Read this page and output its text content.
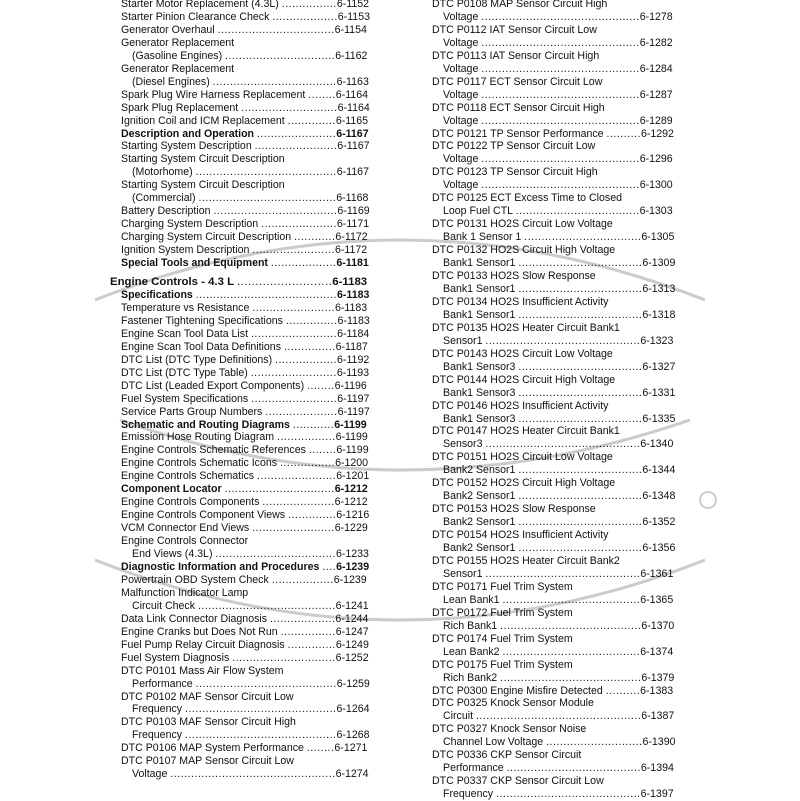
Starter Motor Replacement (4.3L) ................6-1152
Starter Pinion Clearance Check ...................6-1153
Generator Overhaul ..................................6-1154
Generator Replacement
(Gasoline Engines) ................................6-1162
Generator Replacement
(Diesel Engines) ....................................6-1163
Spark Plug Wire Harness Replacement ........6-1164
Spark Plug Replacement ............................6-1164
Ignition Coil and ICM Replacement ..............6-1165
Description and Operation .......................6-1167
Starting System Description ........................6-1167
Starting System Circuit Description
(Motorhome) .........................................6-1167
Starting System Circuit Description
(Commercial) ........................................6-1168
Battery Description ....................................6-1169
Charging System Description ......................6-1171
Charging System Circuit Description ............6-1172
Ignition System Description ........................6-1172
Special Tools and Equipment ...................6-1181
Engine Controls - 4.3 L ..........................6-1183
Specifications .........................................6-1183
Temperature vs Resistance ........................6-1183
Fastener Tightening Specifications ...............6-1183
Engine Scan Tool Data List .........................6-1184
Engine Scan Tool Data Definitions ...............6-1187
DTC List (DTC Type Definitions) ..................6-1192
DTC List (DTC Type Table) .........................6-1193
DTC List (Leaded Export Components) ........6-1196
Fuel System Specifications .........................6-1197
Service Parts Group Numbers .....................6-1197
Schematic and Routing Diagrams ............6-1199
Emission Hose Routing Diagram .................6-1199
Engine Controls Schematic References ........6-1199
Engine Controls Schematic Icons ................6-1200
Engine Controls Schematics .......................6-1201
Component Locator ................................6-1212
Engine Controls Components .....................6-1212
Engine Controls Component Views ..............6-1216
VCM Connector End Views ........................6-1229
Engine Controls Connector
End Views (4.3L) ...................................6-1233
Diagnostic Information and Procedures ....6-1239
Powertrain OBD System Check ..................6-1239
Malfunction Indicator Lamp
Circuit Check ........................................6-1241
Data Link Connector Diagnosis ...................6-1244
Engine Cranks but Does Not Run ................6-1247
Fuel Pump Relay Circuit Diagnosis ..............6-1249
Fuel System Diagnosis ..............................6-1252
DTC P0101 Mass Air Flow System
Performance .........................................6-1259
DTC P0102 MAF Sensor Circuit Low
Frequency ............................................6-1264
DTC P0103 MAF Sensor Circuit High
Frequency ............................................6-1268
DTC P0106 MAP System Performance ........6-1271
DTC P0107 MAP Sensor Circuit Low
Voltage ................................................6-1274
DTC P0108 MAP Sensor Circuit High
Voltage ..............................................6-1278
DTC P0112 IAT Sensor Circuit Low
Voltage ..............................................6-1282
DTC P0113 IAT Sensor Circuit High
Voltage ..............................................6-1284
DTC P0117 ECT Sensor Circuit Low
Voltage ..............................................6-1287
DTC P0118 ECT Sensor Circuit High
Voltage ..............................................6-1289
DTC P0121 TP Sensor Performance ..........6-1292
DTC P0122 TP Sensor Circuit Low
Voltage ..............................................6-1296
DTC P0123 TP Sensor Circuit High
Voltage ..............................................6-1300
DTC P0125 ECT Excess Time to Closed
Loop Fuel CTL ....................................6-1303
DTC P0131 HO2S Circuit Low Voltage
Bank 1 Sensor 1 ..................................6-1305
DTC P0132 HO2S Circuit High Voltage
Bank1 Sensor1 ....................................6-1309
DTC P0133 HO2S Slow Response
Bank1 Sensor1 ....................................6-1313
DTC P0134 HO2S Insufficient Activity
Bank1 Sensor1 ....................................6-1318
DTC P0135 HO2S Heater Circuit Bank1
Sensor1 .............................................6-1323
DTC P0143 HO2S Circuit Low Voltage
Bank1 Sensor3 ....................................6-1327
DTC P0144 HO2S Circuit High Voltage
Bank1 Sensor3 ....................................6-1331
DTC P0146 HO2S Insufficient Activity
Bank1 Sensor3 ....................................6-1335
DTC P0147 HO2S Heater Circuit Bank1
Sensor3 .............................................6-1340
DTC P0151 HO2S Circuit Low Voltage
Bank2 Sensor1 ....................................6-1344
DTC P0152 HO2S Circuit High Voltage
Bank2 Sensor1 ....................................6-1348
DTC P0153 HO2S Slow Response
Bank2 Sensor1 ....................................6-1352
DTC P0154 HO2S Insufficient Activity
Bank2 Sensor1 ....................................6-1356
DTC P0155 HO2S Heater Circuit Bank2
Sensor1 .............................................6-1361
DTC P0171 Fuel Trim System
Lean Bank1 ........................................6-1365
DTC P0172 Fuel Trim System
Rich Bank1 .........................................6-1370
DTC P0174 Fuel Trim System
Lean Bank2 ........................................6-1374
DTC P0175 Fuel Trim System
Rich Bank2 .........................................6-1379
DTC P0300 Engine Misfire Detected ..........6-1383
DTC P0325 Knock Sensor Module
Circuit ................................................6-1387
DTC P0327 Knock Sensor Noise
Channel Low Voltage ............................6-1390
DTC P0336 CKP Sensor Circuit
Performance .......................................6-1394
DTC P0337 CKP Sensor Circuit Low
Frequency ..........................................6-1397
